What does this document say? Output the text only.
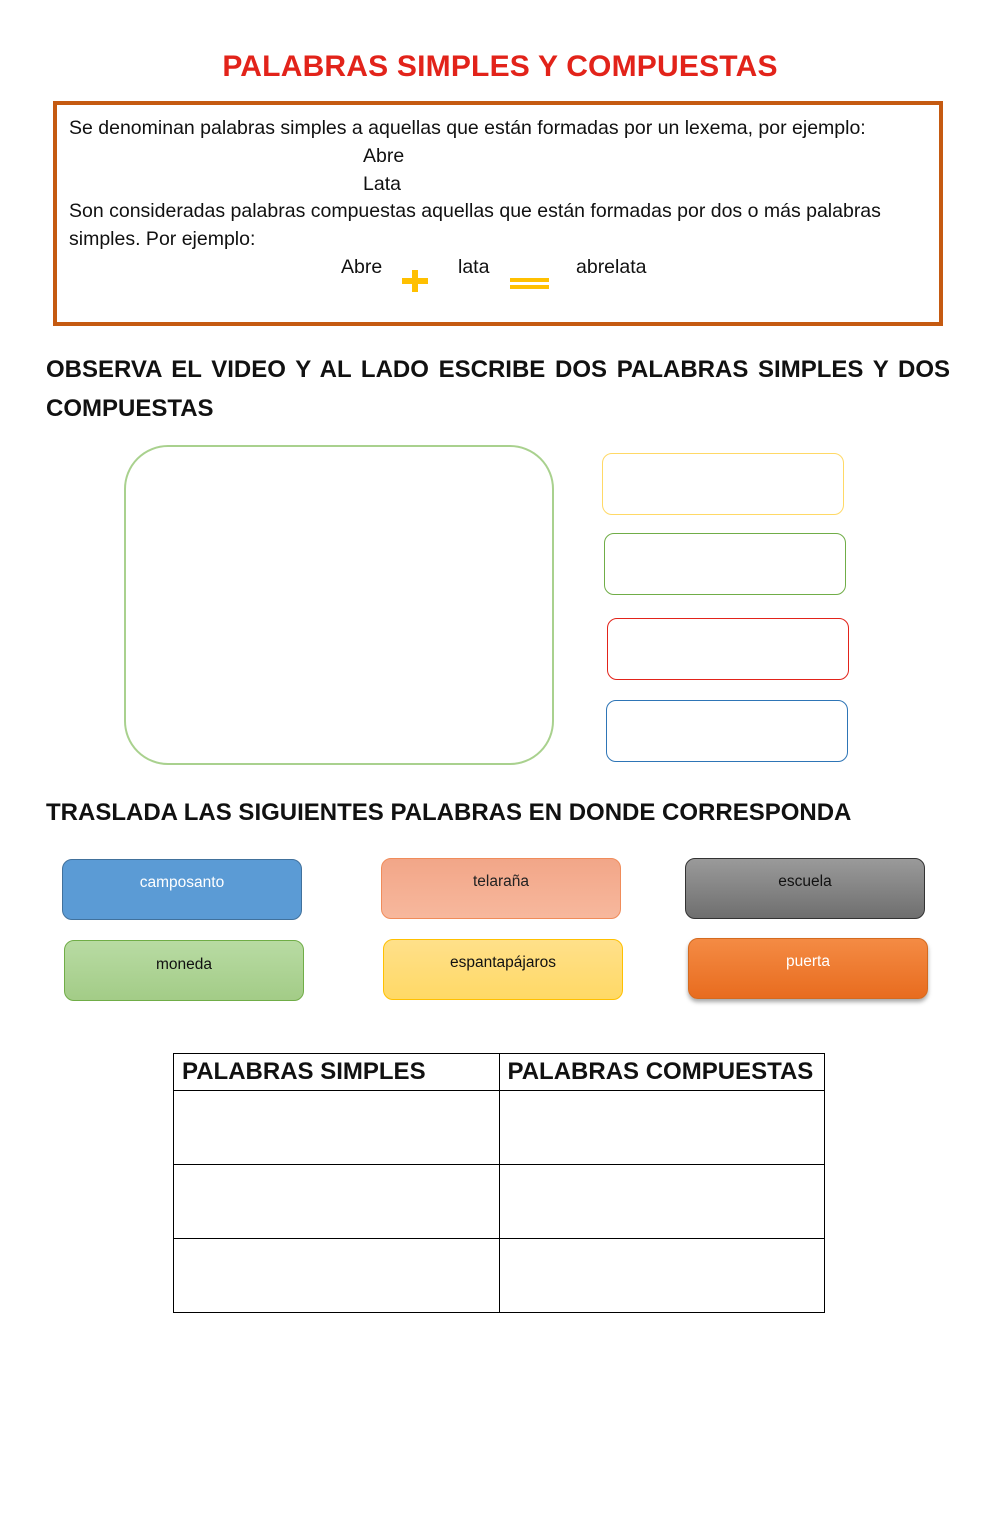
PALABRAS SIMPLES Y COMPUESTAS
Se denominan palabras simples a aquellas que están formadas por un lexema, por ejemplo:
Abre
Lata
Son consideradas palabras compuestas aquellas que están formadas por dos o más palabras
simples. Por ejemplo:
Abre	lata	abrelata
OBSERVA EL VIDEO Y AL LADO ESCRIBE DOS PALABRAS SIMPLES Y DOS
COMPUESTAS
TRASLADA LAS SIGUIENTES PALABRAS EN DONDE CORRESPONDA
camposanto	telaraña	escuela
moneda	espantapájaros	puerta
PALABRAS SIMPLES	PALABRAS COMPUESTAS
